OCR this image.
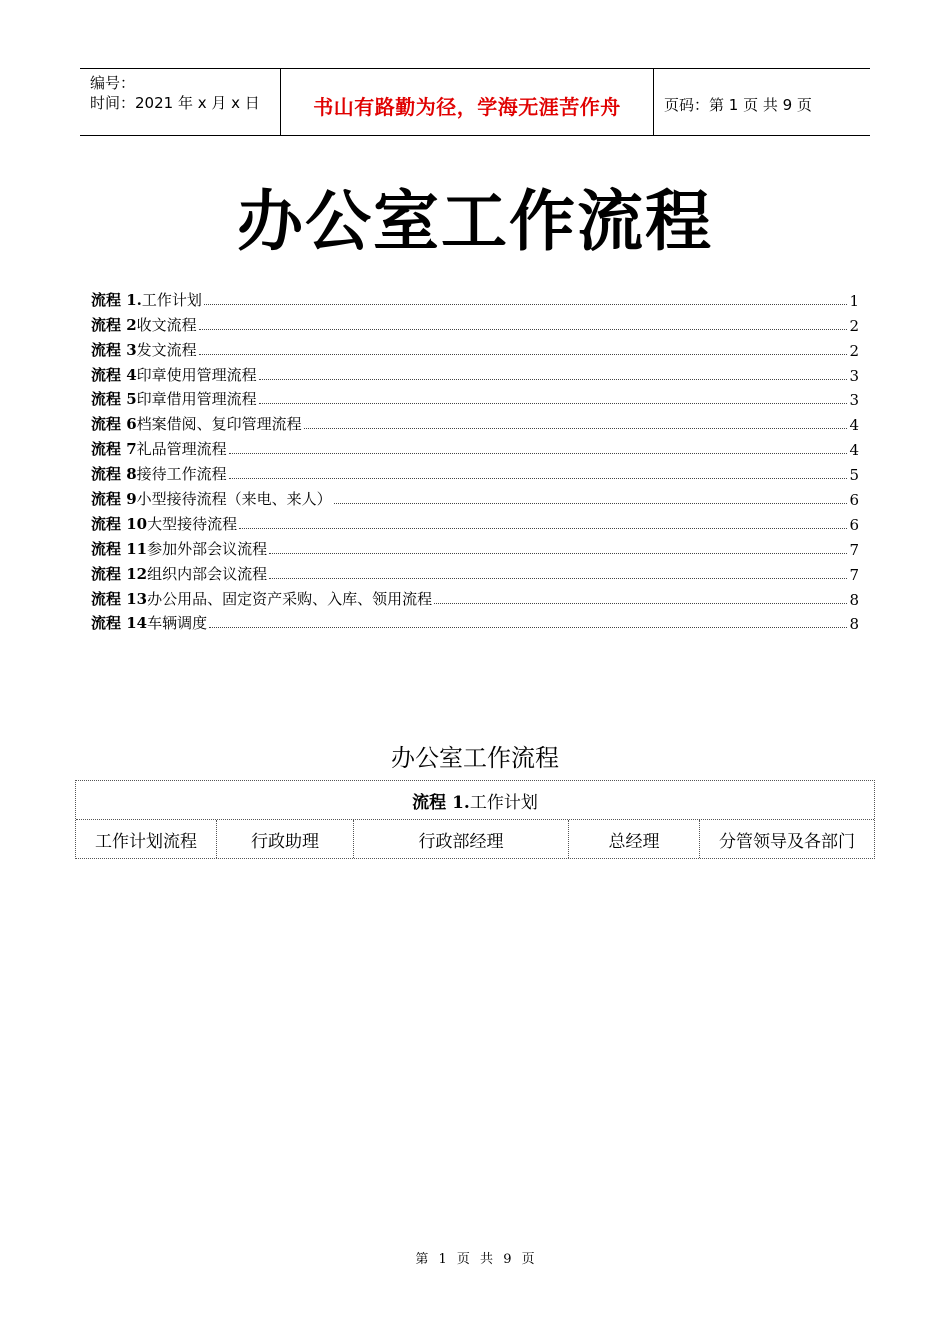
编号：
时间：2021 年 x 月 x 日	书山有路勤为径，学海无涯苦作舟	页码：第 1 页 共 9 页
办公室工作流程
流程 1. 工作计划	1
流程 2 收文流程	2
流程 3 发文流程	2
流程 4 印章使用管理流程	3
流程 5 印章借用管理流程	3
流程 6 档案借阅、复印管理流程	4
流程 7 礼品管理流程	4
流程 8 接待工作流程	5
流程 9 小型接待流程（来电、来人）	6
流程 10 大型接待流程	6
流程 11 参加外部会议流程	7
流程 12 组织内部会议流程	7
流程 13 办公用品、固定资产采购、入库、领用流程	8
流程 14 车辆调度	8
办公室工作流程
流程 1. 工作计划
工作计划流程	行政助理	行政部经理	总经理	分管领导及各部门
第 1 页 共 9 页
